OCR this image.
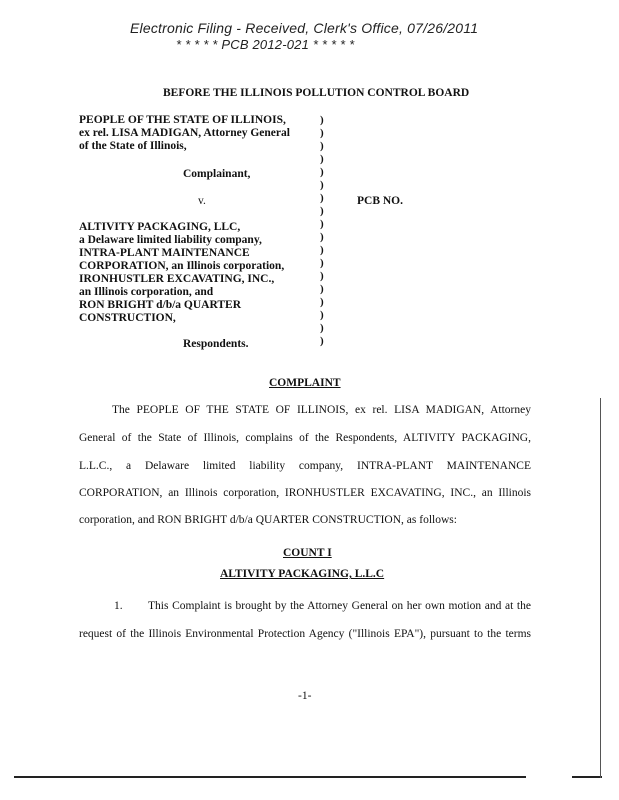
Electronic Filing - Received, Clerk's Office, 07/26/2011
* * * * * PCB 2012-021 * * * * *
BEFORE THE ILLINOIS POLLUTION CONTROL BOARD
PEOPLE OF THE STATE OF ILLINOIS,
ex rel. LISA MADIGAN, Attorney General
of the State of Illinois,
Complainant,
v.
ALTIVITY PACKAGING, LLC,
a Delaware limited liability company,
INTRA-PLANT MAINTENANCE
CORPORATION, an Illinois corporation,
IRONHUSTLER EXCAVATING, INC.,
an Illinois corporation, and
RON BRIGHT d/b/a QUARTER
CONSTRUCTION,
Respondents.
)
)
)
)
)
)
)
)
)
)
)
)
)
)
)
)
)
)
PCB NO.
COMPLAINT
The PEOPLE OF THE STATE OF ILLINOIS, ex rel. LISA MADIGAN, Attorney
General of the State of Illinois, complains of the Respondents, ALTIVITY PACKAGING,
L.L.C., a Delaware limited liability company, INTRA-PLANT MAINTENANCE
CORPORATION, an Illinois corporation, IRONHUSTLER EXCAVATING, INC., an Illinois
corporation, and RON BRIGHT d/b/a QUARTER CONSTRUCTION, as follows:
COUNT I
ALTIVITY PACKAGING, L.L.C
1. This Complaint is brought by the Attorney General on her own motion and at the
request of the Illinois Environmental Protection Agency ("Illinois EPA"), pursuant to the terms
-1-
